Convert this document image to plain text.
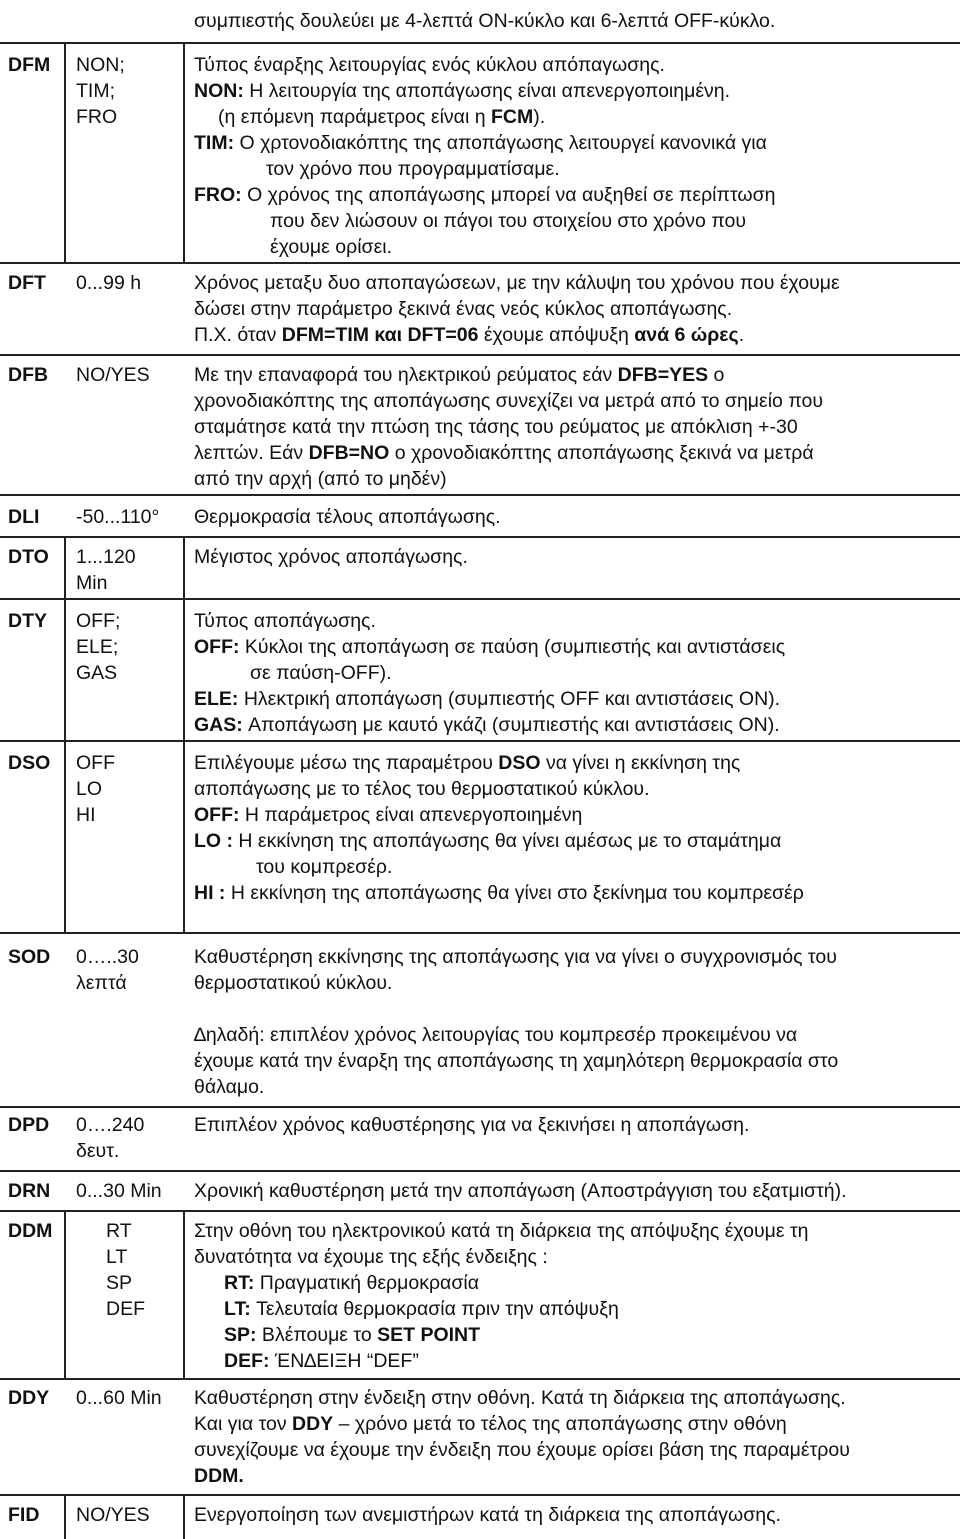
συμπιεστής δουλεύει με 4-λεπτά ON-κύκλο και 6-λεπτά OFF-κύκλο.
DFM NON;
TIM;
FRO
Τύπος έναρξης λειτουργίας ενός κύκλου απόπαγωσης.
NON: Η λειτουργία της αποπάγωσης είναι απενεργοποιημένη.
(η επόμενη παράμετρος είναι η FCM).
TIM: Ο χρτονοδιακόπτης της αποπάγωσης λειτουργεί κανονικά για
τον χρόνο που προγραμματίσαμε.
FRO: Ο χρόνος της αποπάγωσης μπορεί να αυξηθεί σε περίπτωση
που δεν λιώσουν οι πάγοι του στοιχείου στο χρόνο που
έχουμε ορίσει.
DFT 0...99 h	Χρόνος μεταξυ δυο αποπαγώσεων, με την κάλυψη του χρόνου που έχουμε
δώσει στην παράμετρο ξεκινά ένας νεός κύκλος αποπάγωσης.
Π.Χ. όταν DFM=TIM και DFT=06 έχουμε απόψυξη ανά 6 ώρες.
DFB NO/YES Με την επαναφορά του ηλεκτρικού ρεύματος εάν DFB=YES ο
χρονοδιακόπτης της αποπάγωσης συνεχίζει να μετρά από το σημείο που
σταμάτησε κατά την πτώση της τάσης του ρεύματος με απόκλιση +-30
λεπτών. Εάν DFB=NO ο χρονοδιακόπτης αποπάγωσης ξεκινά να μετρά
από την αρχή (από το μηδέν)
DLI -50...110° Θερμοκρασία τέλους αποπάγωσης.
DTO 1...120
Min
Μέγιστος χρόνος αποπάγωσης.
DTY OFF;
ELE;
GAS
Τύπος αποπάγωσης.
OFF: Κύκλοι της αποπάγωση σε παύση (συμπιεστής και αντιστάσεις
σε παύση-OFF).
ELE: Ηλεκτρική αποπάγωση (συμπιεστής OFF και αντιστάσεις ON).
GAS: Αποπάγωση με καυτό γκάζι (συμπιεστής και αντιστάσεις ON).
DSO OFF
LO
HI
Επιλέγουμε μέσω της παραμέτρου DSO να γίνει η εκκίνηση της
αποπάγωσης με το τέλος του θερμοστατικού κύκλου.
OFF: Η παράμετρος είναι απενεργοποιημένη
LO : Η εκκίνηση της αποπάγωσης θα γίνει αμέσως με το σταμάτημα
του κομπρεσέρ.
HI : Η εκκίνηση της αποπάγωσης θα γίνει στο ξεκίνημα του κομπρεσέρ
SOD 0…..30
λεπτά
Καθυστέρηση εκκίνησης της αποπάγωσης για να γίνει ο συγχρονισμός του
θερμοστατικού κύκλου.
∆ηλαδή: επιπλέον χρόνος λειτουργίας του κομπρεσέρ προκειμένου να
έχουμε κατά την έναρξη της αποπάγωσης τη χαμηλότερη θερμοκρασία στο
θάλαμο.
DPD 0….240
δευτ.
Επιπλέον χρόνος καθυστέρησης για να ξεκινήσει η αποπάγωση.
DRN 0...30 Min Χρονική καθυστέρηση μετά την αποπάγωση (Αποστράγγιση του εξατμιστή).
DDM	RT
LT
SP
DEF
Στην οθόνη του ηλεκτρονικού κατά τη διάρκεια της απόψυξης έχουμε τη
δυνατότητα να έχουμε της εξής ένδειξης :
RT: Πραγματική θερμοκρασία
LT: Τελευταία θερμοκρασία πριν την απόψυξη
SP: Βλέπουμε το SET POINT
DEF: ΈΝ∆ΕΙΞΗ “DEF”
DDY 0...60 Min Καθυστέρηση στην ένδειξη στην οθόνη. Κατά τη διάρκεια της αποπάγωσης.
Και για τον DDY – χρόνο μετά το τέλος της αποπάγωσης στην οθόνη
συνεχίζουμε να έχουμε την ένδειξη που έχουμε ορίσει βάση της παραμέτρου
DDM.
FID NO/YES Ενεργοποίηση των ανεμιστήρων κατά τη διάρκεια της αποπάγωσης.
